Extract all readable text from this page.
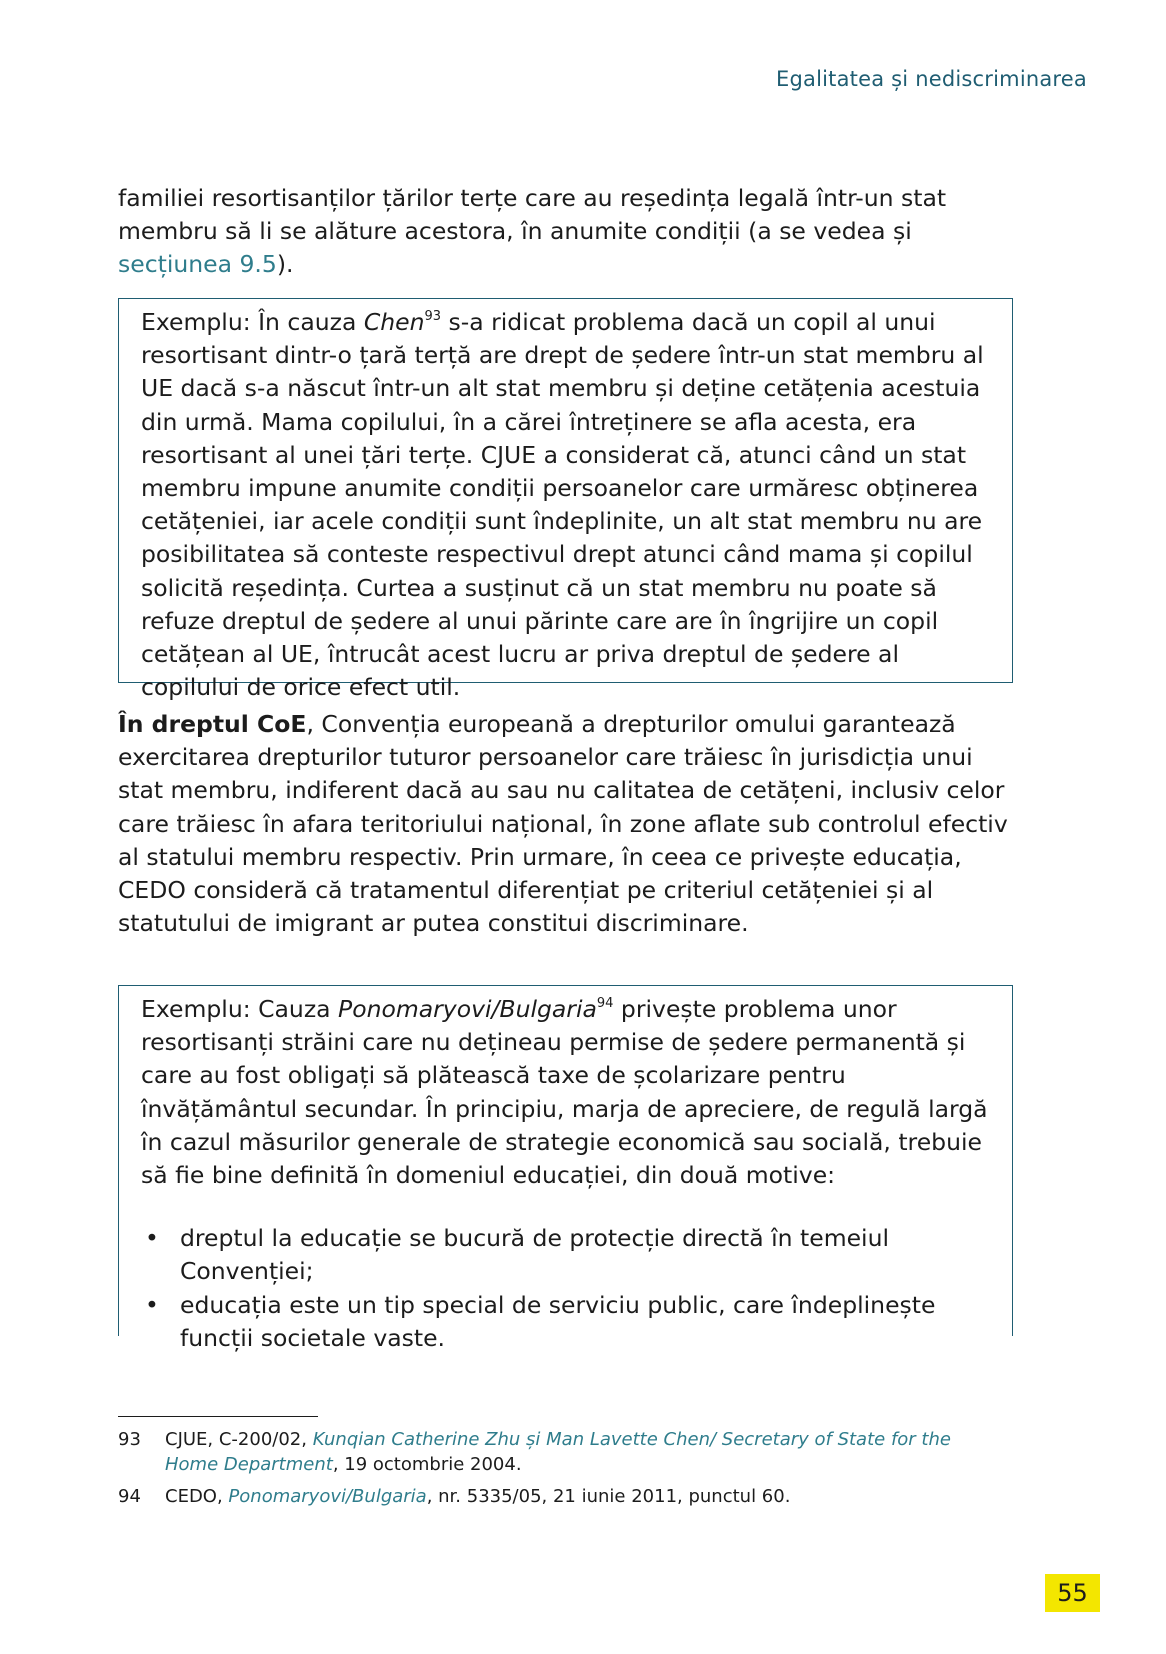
Egalitatea și nediscriminarea
familiei resortisanților țărilor terțe care au reședința legală într-un stat membru să li se alăture acestora, în anumite condiții (a se vedea și secțiunea 9.5).

Exemplu: În cauza Chen$^{93}$ s-a ridicat problema dacă un copil al unui resortisant dintr-o țară terță are drept de ședere într-un stat membru al UE dacă s-a născut într-un alt stat membru și deține cetățenia acestuia din urmă. Mama copilului, în a cărei întreținere se afla acesta, era resortisant al unei țări terțe. CJUE a considerat că, atunci când un stat membru impune anumite condiții persoanelor care urmăresc obținerea cetățeniei, iar acele condiții sunt îndeplinite, un alt stat membru nu are posibilitatea să conteste respectivul drept atunci când mama și copilul solicită reședința. Curtea a susținut că un stat membru nu poate să refuze dreptul de ședere al unui părinte care are în îngrijire un copil cetățean al UE, întrucât acest lucru ar priva dreptul de ședere al copilului de orice efect util.

În dreptul CoE, Convenția europeană a drepturilor omului garantează exercitarea drepturilor tuturor persoanelor care trăiesc în jurisdicția unui stat membru, indiferent dacă au sau nu calitatea de cetățeni, inclusiv celor care trăiesc în afara teritoriului național, în zone aflate sub controlul efectiv al statului membru respectiv. Prin urmare, în ceea ce privește educația, CEDO consideră că tratamentul diferențiat pe criteriul cetățeniei și al statutului de imigrant ar putea constitui discriminare.

Exemplu: Cauza Ponomaryovi/Bulgaria$^{94}$ privește problema unor resortisanți străini care nu dețineau permise de ședere permanentă și care au fost obligați să plătească taxe de școlarizare pentru învățământul secundar. În principiu, marja de apreciere, de regulă largă în cazul măsurilor generale de strategie economică sau socială, trebuie să fie bine definită în domeniul educației, din două motive:

• dreptul la educație se bucură de protecție directă în temeiul Convenției;
• educația este un tip special de serviciu public, care îndeplinește funcții societale vaste.
93 CJUE, C-200/02, Kunqian Catherine Zhu și Man Lavette Chen/ Secretary of State for the Home Department, 19 octombrie 2004.
94 CEDO, Ponomaryovi/Bulgaria, nr. 5335/05, 21 iunie 2011, punctul 60.
55
